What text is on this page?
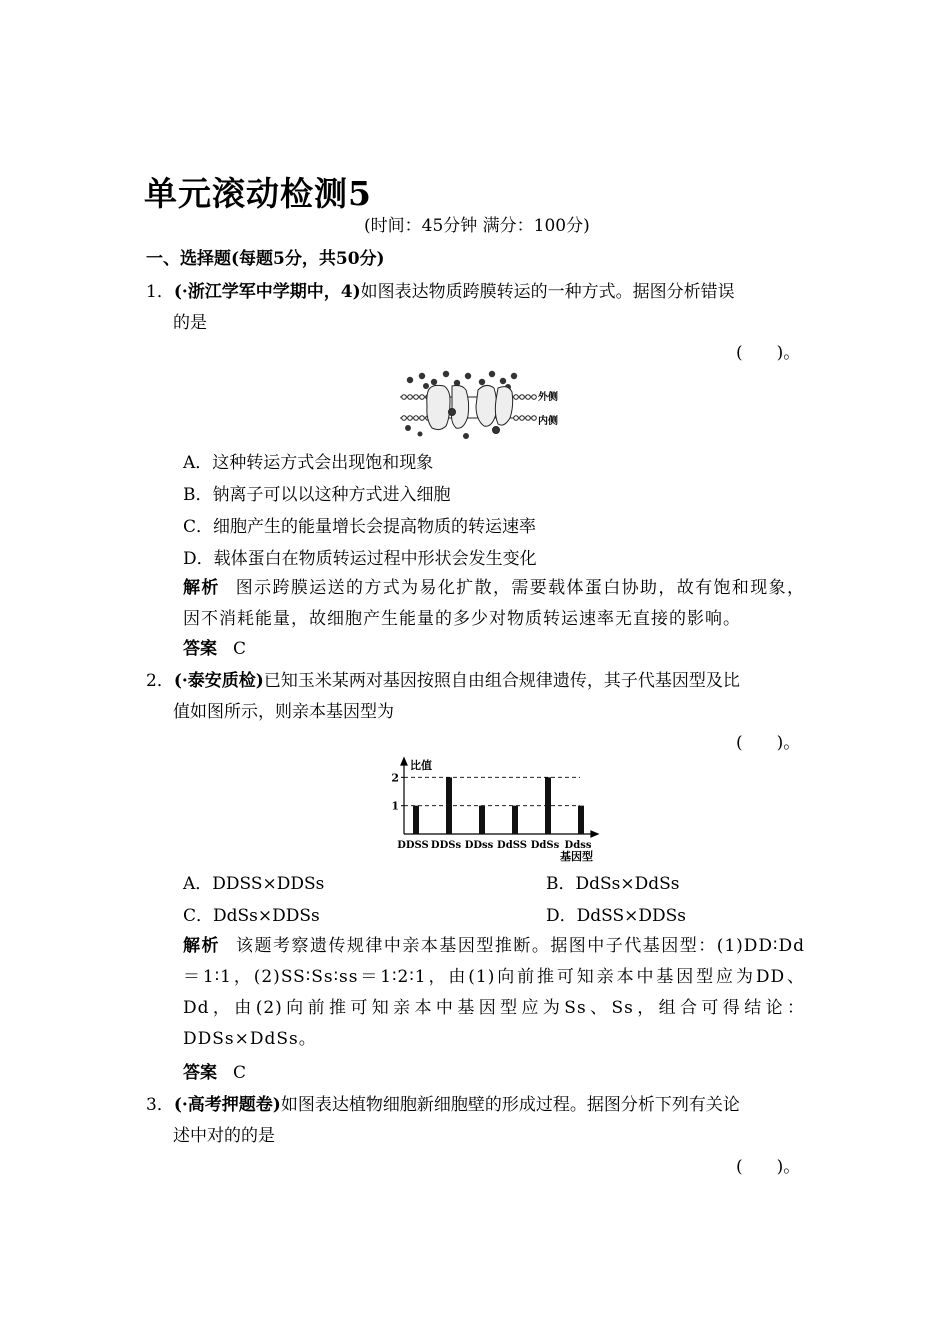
单元滚动检测5
(时间：45分钟 满分：100分)
一、选择题(每题5分，共50分)
1．(·浙江学军中学期中，4)如图表达物质跨膜转运的一种方式。据图分析错误
的是
(　　)。
外侧
内侧
A．这种转运方式会出现饱和现象
B．钠离子可以以这种方式进入细胞
C．细胞产生的能量增长会提高物质的转运速率
D．载体蛋白在物质转运过程中形状会发生变化
解析 图示跨膜运送的方式为易化扩散，需要载体蛋白协助，故有饱和现象，因不消耗能量，故细胞产生能量的多少对物质转运速率无直接的影响。
答案 C
2．(·泰安质检)已知玉米某两对基因按照自由组合规律遗传，其子代基因型及比
值如图所示，则亲本基因型为
(　　)。
1
2
DDSS DDSs DDss DdSS DdSs Ddss
比值
基因型
A．DDSS×DDSs	B．DdSs×DdSs
C．DdSs×DDSs	D．DdSS×DDSs
解析 该题考察遗传规律中亲本基因型推断。据图中子代基因型：(1)DD∶Dd＝1∶1，(2)SS∶Ss∶ss＝1∶2∶1，由(1)向前推可知亲本中基因型应为DD、Dd，由(2)向前推可知亲本中基因型应为Ss、Ss，组合可得结论：DDSs×DdSs。
答案 C
3．(·高考押题卷)如图表达植物细胞新细胞壁的形成过程。据图分析下列有关论
述中对的的是
(　　)。
